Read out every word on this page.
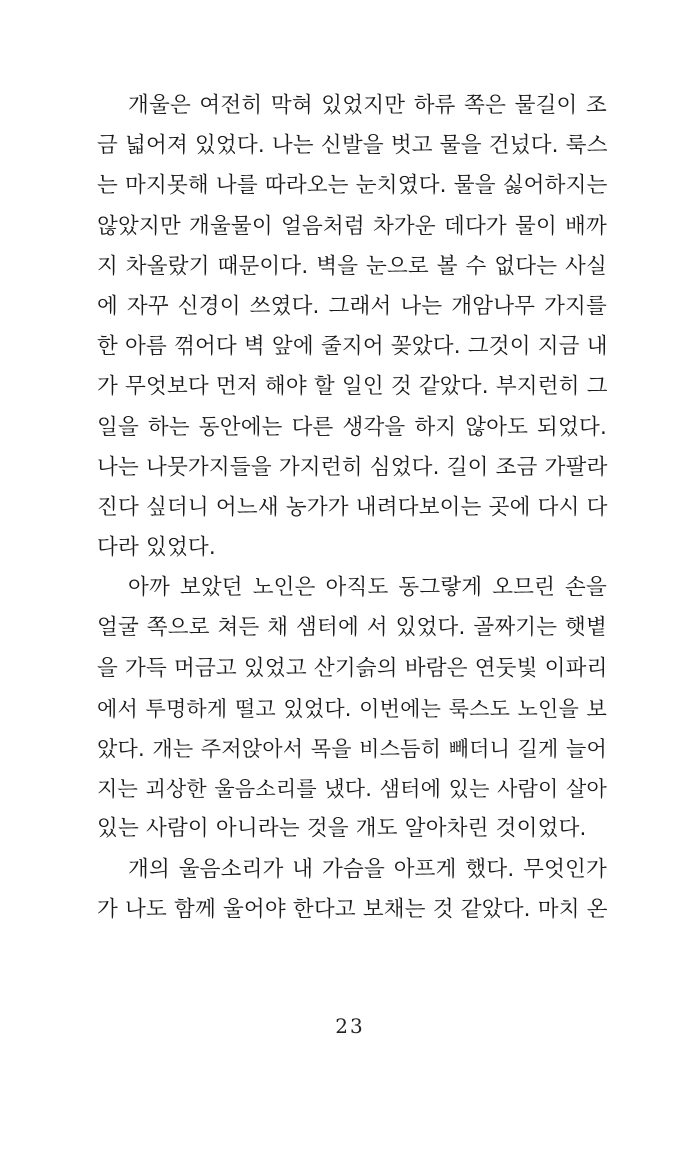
개울은 여전히 막혀 있었지만 하류 쪽은 물길이 조
금 넓어져 있었다. 나는 신발을 벗고 물을 건넜다. 룩스
는 마지못해 나를 따라오는 눈치였다. 물을 싫어하지는
않았지만 개울물이 얼음처럼 차가운 데다가 물이 배까
지 차올랐기 때문이다. 벽을 눈으로 볼 수 없다는 사실
에 자꾸 신경이 쓰였다. 그래서 나는 개암나무 가지를
한 아름 꺾어다 벽 앞에 줄지어 꽂았다. 그것이 지금 내
가 무엇보다 먼저 해야 할 일인 것 같았다. 부지런히 그
일을 하는 동안에는 다른 생각을 하지 않아도 되었다.
나는 나뭇가지들을 가지런히 심었다. 길이 조금 가팔라
진다 싶더니 어느새 농가가 내려다보이는 곳에 다시 다
다라 있었다.
아까 보았던 노인은 아직도 동그랗게 오므린 손을
얼굴 쪽으로 쳐든 채 샘터에 서 있었다. 골짜기는 햇볕
을 가득 머금고 있었고 산기슭의 바람은 연둣빛 이파리
에서 투명하게 떨고 있었다. 이번에는 룩스도 노인을 보
았다. 개는 주저앉아서 목을 비스듬히 빼더니 길게 늘어
지는 괴상한 울음소리를 냈다. 샘터에 있는 사람이 살아
있는 사람이 아니라는 것을 개도 알아차린 것이었다.
개의 울음소리가 내 가슴을 아프게 했다. 무엇인가
가 나도 함께 울어야 한다고 보채는 것 같았다. 마치 온
23
